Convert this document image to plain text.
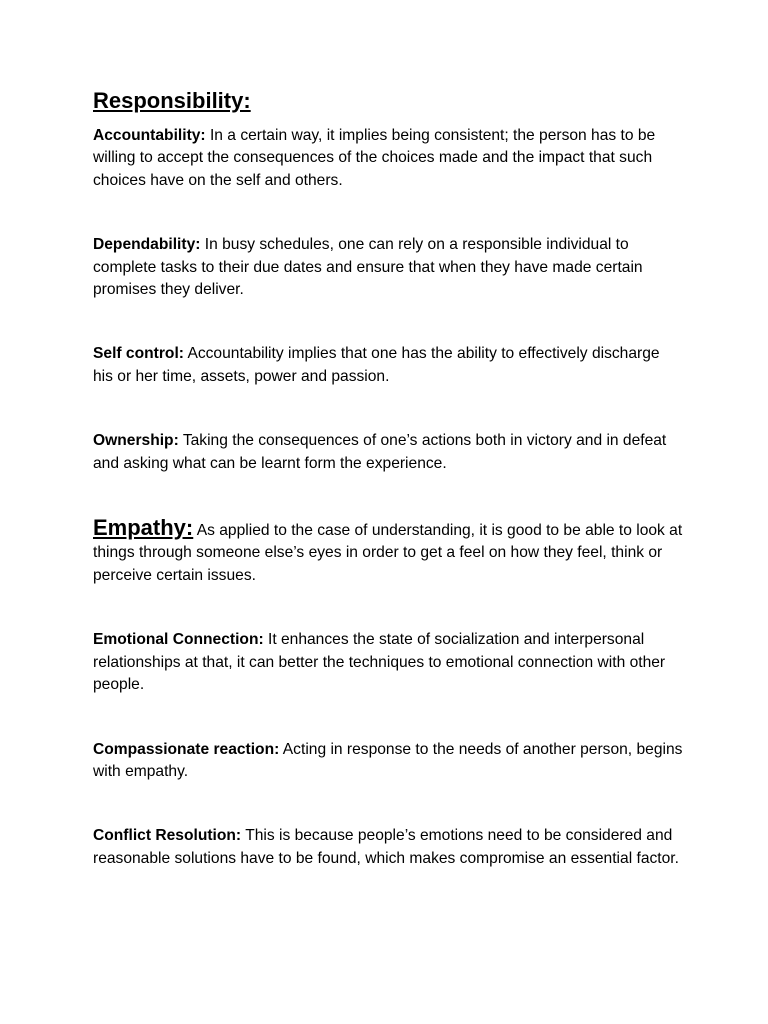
Responsibility:

Accountability: In a certain way, it implies being consistent; the person has to be willing to accept the consequences of the choices made and the impact that such choices have on the self and others.

Dependability: In busy schedules, one can rely on a responsible individual to complete tasks to their due dates and ensure that when they have made certain promises they deliver.

Self control: Accountability implies that one has the ability to effectively discharge his or her time, assets, power and passion.

Ownership: Taking the consequences of one’s actions both in victory and in defeat and asking what can be learnt form the experience.

Empathy: As applied to the case of understanding, it is good to be able to look at things through someone else’s eyes in order to get a feel on how they feel, think or perceive certain issues.

Emotional Connection: It enhances the state of socialization and interpersonal relationships at that, it can better the techniques to emotional connection with other people.

Compassionate reaction: Acting in response to the needs of another person, begins with empathy.

Conflict Resolution: This is because people’s emotions need to be considered and reasonable solutions have to be found, which makes compromise an essential factor.
